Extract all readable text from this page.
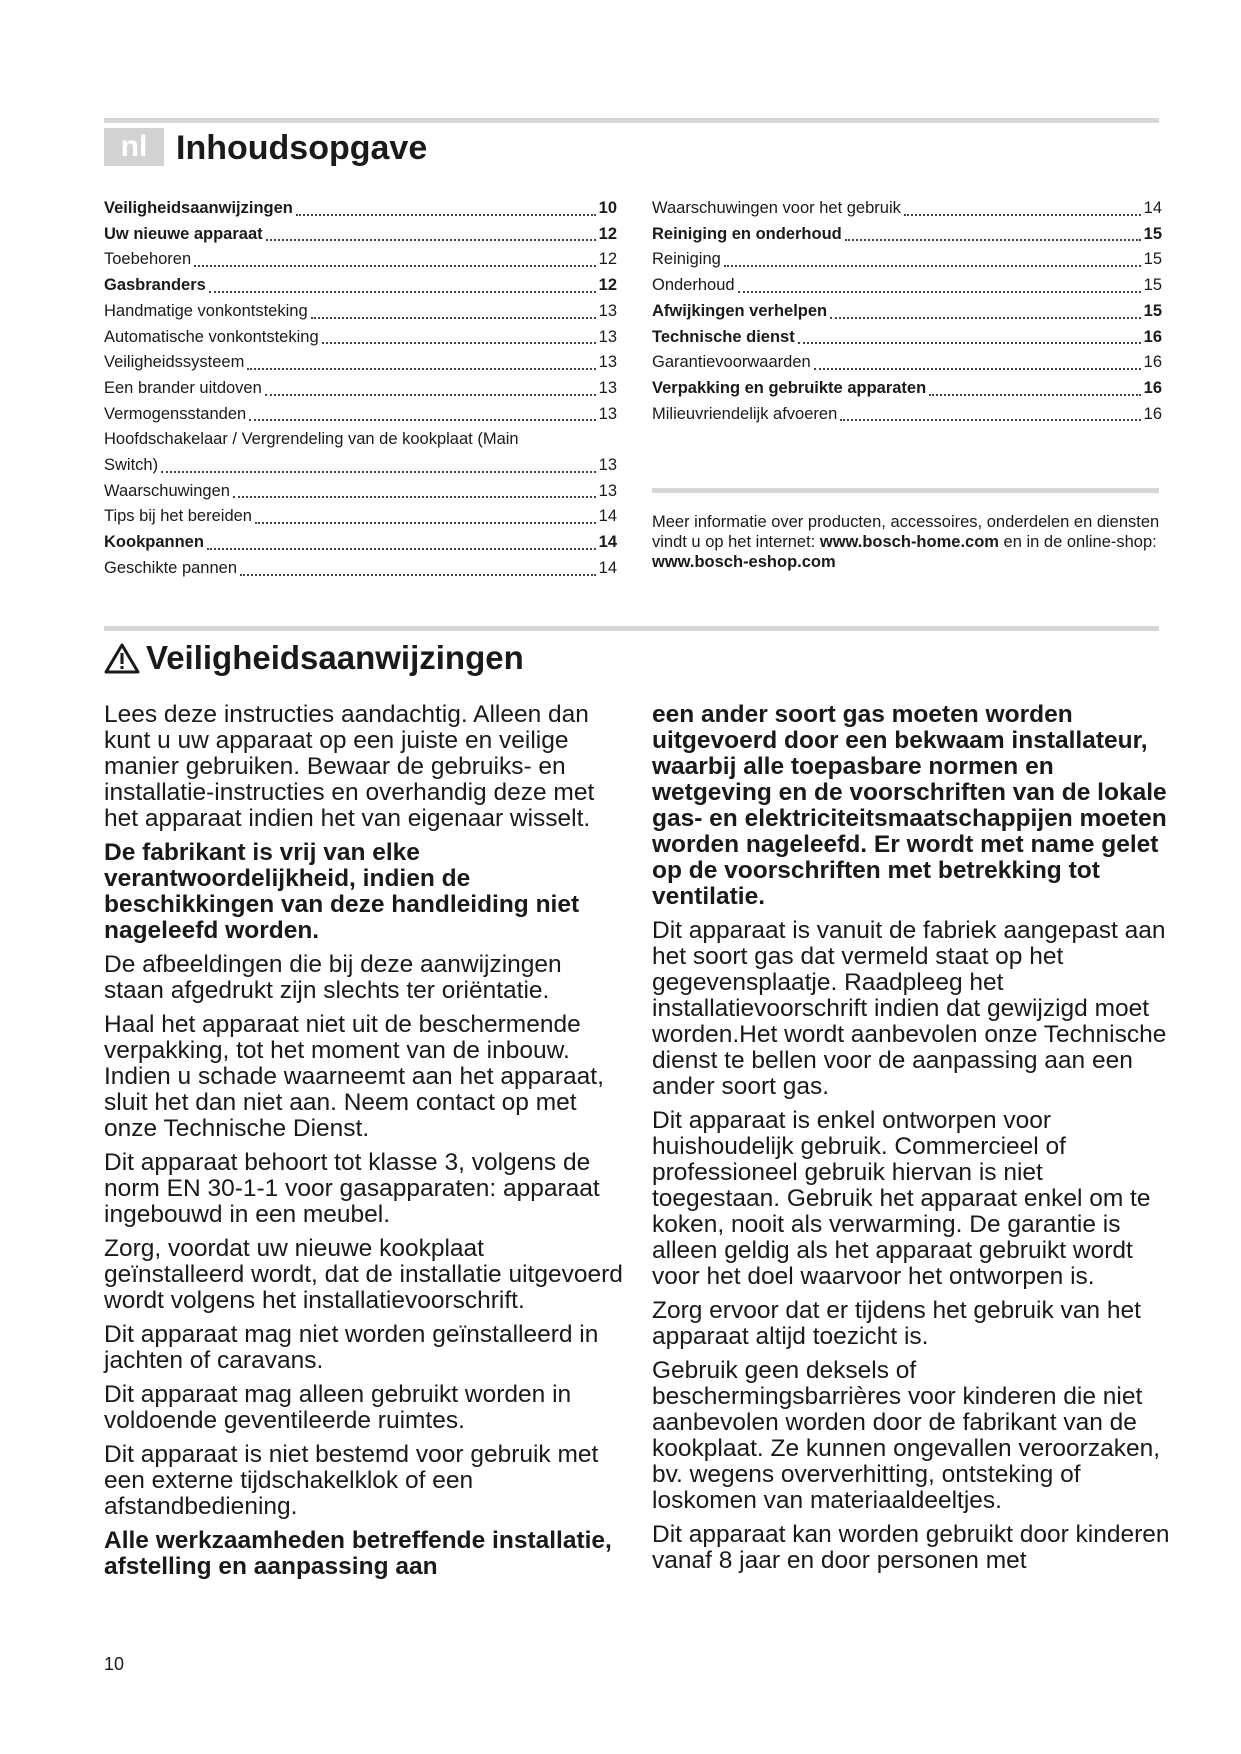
nl Inhoudsopgave
Veiligheidsaanwijzingen	10
Uw nieuwe apparaat	12
Toebehoren	12
Gasbranders	12
Handmatige vonkontsteking	13
Automatische vonkontsteking	13
Veiligheidssysteem	13
Een brander uitdoven	13
Vermogensstanden	13
Hoofdschakelaar / Vergrendeling van de kookplaat (Main
Switch)	13
Waarschuwingen	13
Tips bij het bereiden	14
Kookpannen	14
Geschikte pannen	14
Waarschuwingen voor het gebruik	14
Reiniging en onderhoud	15
Reiniging	15
Onderhoud	15
Afwijkingen verhelpen	15
Technische dienst	16
Garantievoorwaarden	16
Verpakking en gebruikte apparaten	16
Milieuvriendelijk afvoeren	16
Meer informatie over producten, accessoires, onderdelen en diensten vindt u op het internet: www.bosch-home.com en in de online-shop: www.bosch-eshop.com
Veiligheidsaanwijzingen

Lees deze instructies aandachtig. Alleen dan kunt u uw apparaat op een juiste en veilige manier gebruiken. Bewaar de gebruiks- en installatie-instructies en overhandig deze met het apparaat indien het van eigenaar wisselt.

De fabrikant is vrij van elke verantwoordelijkheid, indien de beschikkingen van deze handleiding niet nageleefd worden.

De afbeeldingen die bij deze aanwijzingen staan afgedrukt zijn slechts ter oriëntatie.

Haal het apparaat niet uit de beschermende verpakking, tot het moment van de inbouw. Indien u schade waarneemt aan het apparaat, sluit het dan niet aan. Neem contact op met onze Technische Dienst.

Dit apparaat behoort tot klasse 3, volgens de norm EN 30-1-1 voor gasapparaten: apparaat ingebouwd in een meubel.

Zorg, voordat uw nieuwe kookplaat geïnstalleerd wordt, dat de installatie uitgevoerd wordt volgens het installatievoorschrift.

Dit apparaat mag niet worden geïnstalleerd in jachten of caravans.

Dit apparaat mag alleen gebruikt worden in voldoende geventileerde ruimtes.

Dit apparaat is niet bestemd voor gebruik met een externe tijdschakelklok of een afstandbediening.

Alle werkzaamheden betreffende installatie, afstelling en aanpassing aan

een ander soort gas moeten worden uitgevoerd door een bekwaam installateur, waarbij alle toepasbare normen en wetgeving en de voorschriften van de lokale gas- en elektriciteitsmaatschappijen moeten worden nageleefd. Er wordt met name gelet op de voorschriften met betrekking tot ventilatie.

Dit apparaat is vanuit de fabriek aangepast aan het soort gas dat vermeld staat op het gegevensplaatje. Raadpleeg het installatievoorschrift indien dat gewijzigd moet worden.Het wordt aanbevolen onze Technische dienst te bellen voor de aanpassing aan een ander soort gas.

Dit apparaat is enkel ontworpen voor huishoudelijk gebruik. Commercieel of professioneel gebruik hiervan is niet toegestaan. Gebruik het apparaat enkel om te koken, nooit als verwarming. De garantie is alleen geldig als het apparaat gebruikt wordt voor het doel waarvoor het ontworpen is.

Zorg ervoor dat er tijdens het gebruik van het apparaat altijd toezicht is.

Gebruik geen deksels of beschermingsbarrières voor kinderen die niet aanbevolen worden door de fabrikant van de kookplaat. Ze kunnen ongevallen veroorzaken, bv. wegens oververhitting, ontsteking of loskomen van materiaaldeeltjes.

Dit apparaat kan worden gebruikt door kinderen vanaf 8 jaar en door personen met

10
